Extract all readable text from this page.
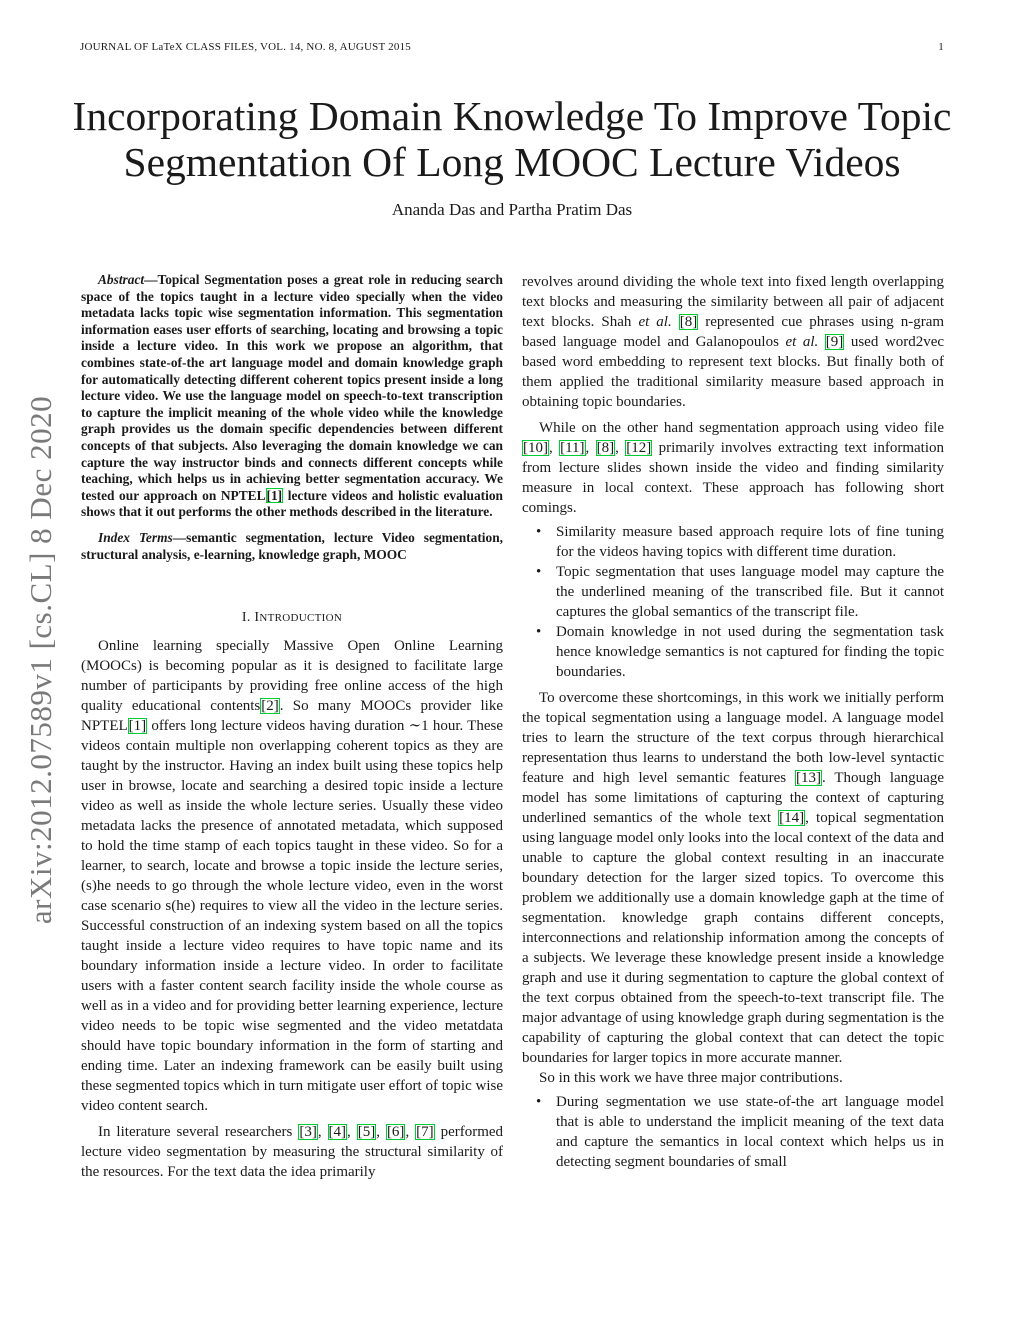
JOURNAL OF LaTeX CLASS FILES, VOL. 14, NO. 8, AUGUST 2015	1
arXiv:2012.07589v1 [cs.CL] 8 Dec 2020
Incorporating Domain Knowledge To Improve Topic Segmentation Of Long MOOC Lecture Videos
Ananda Das and Partha Pratim Das

Abstract—Topical Segmentation poses a great role in reducing search space of the topics taught in a lecture video specially when the video metadata lacks topic wise segmentation information. This segmentation information eases user efforts of searching, locating and browsing a topic inside a lecture video. In this work we propose an algorithm, that combines state-of-the art language model and domain knowledge graph for automatically detecting different coherent topics present inside a long lecture video. We use the language model on speech-to-text transcription to capture the implicit meaning of the whole video while the knowledge graph provides us the domain specific dependencies between different concepts of that subjects. Also leveraging the domain knowledge we can capture the way instructor binds and connects different concepts while teaching, which helps us in achieving better segmentation accuracy. We tested our approach on NPTEL[1] lecture videos and holistic evaluation shows that it out performs the other methods described in the literature.

Index Terms—semantic segmentation, lecture Video segmentation, structural analysis, e-learning, knowledge graph, MOOC

I. INTRODUCTION

Online learning specially Massive Open Online Learning (MOOCs) is becoming popular as it is designed to facilitate large number of participants by providing free online access of the high quality educational contents[2]. So many MOOCs provider like NPTEL[1] offers long lecture videos having duration ∼1 hour. These videos contain multiple non overlapping coherent topics as they are taught by the instructor. Having an index built using these topics help user in browse, locate and searching a desired topic inside a lecture video as well as inside the whole lecture series. Usually these video metadata lacks the presence of annotated metadata, which supposed to hold the time stamp of each topics taught in these video. So for a learner, to search, locate and browse a topic inside the lecture series, (s)he needs to go through the whole lecture video, even in the worst case scenario s(he) requires to view all the video in the lecture series. Successful construction of an indexing system based on all the topics taught inside a lecture video requires to have topic name and its boundary information inside a lecture video. In order to facilitate users with a faster content search facility inside the whole course as well as in a video and for providing better learning experience, lecture video needs to be topic wise segmented and the video metatdata should have topic boundary information in the form of starting and ending time. Later an indexing framework can be easily built using these segmented topics which in turn mitigate user effort of topic wise video content search.

In literature several researchers [3], [4], [5], [6], [7] performed lecture video segmentation by measuring the structural similarity of the resources. For the text data the idea primarily

revolves around dividing the whole text into fixed length overlapping text blocks and measuring the similarity between all pair of adjacent text blocks. Shah et al. [8] represented cue phrases using n-gram based language model and Galanopoulos et al. [9] used word2vec based word embedding to represent text blocks. But finally both of them applied the traditional similarity measure based approach in obtaining topic boundaries.

While on the other hand segmentation approach using video file [10], [11], [8], [12] primarily involves extracting text information from lecture slides shown inside the video and finding similarity measure in local context. These approach has following short comings.

• Similarity measure based approach require lots of fine tuning for the videos having topics with different time duration.
• Topic segmentation that uses language model may capture the the underlined meaning of the transcribed file. But it cannot captures the global semantics of the transcript file.
• Domain knowledge in not used during the segmentation task hence knowledge semantics is not captured for finding the topic boundaries.

To overcome these shortcomings, in this work we initially perform the topical segmentation using a language model. A language model tries to learn the structure of the text corpus through hierarchical representation thus learns to understand the both low-level syntactic feature and high level semantic features [13]. Though language model has some limitations of capturing the context of capturing underlined semantics of the whole text [14], topical segmentation using language model only looks into the local context of the data and unable to capture the global context resulting in an inaccurate boundary detection for the larger sized topics. To overcome this problem we additionally use a domain knowledge gaph at the time of segmentation. knowledge graph contains different concepts, interconnections and relationship information among the concepts of a subjects. We leverage these knowledge present inside a knowledge graph and use it during segmentation to capture the global context of the text corpus obtained from the speech-to-text transcript file. The major advantage of using knowledge graph during segmentation is the capability of capturing the global context that can detect the topic boundaries for larger topics in more accurate manner.

So in this work we have three major contributions.

• During segmentation we use state-of-the art language model that is able to understand the implicit meaning of the text data and capture the semantics in local context which helps us in detecting segment boundaries of small
